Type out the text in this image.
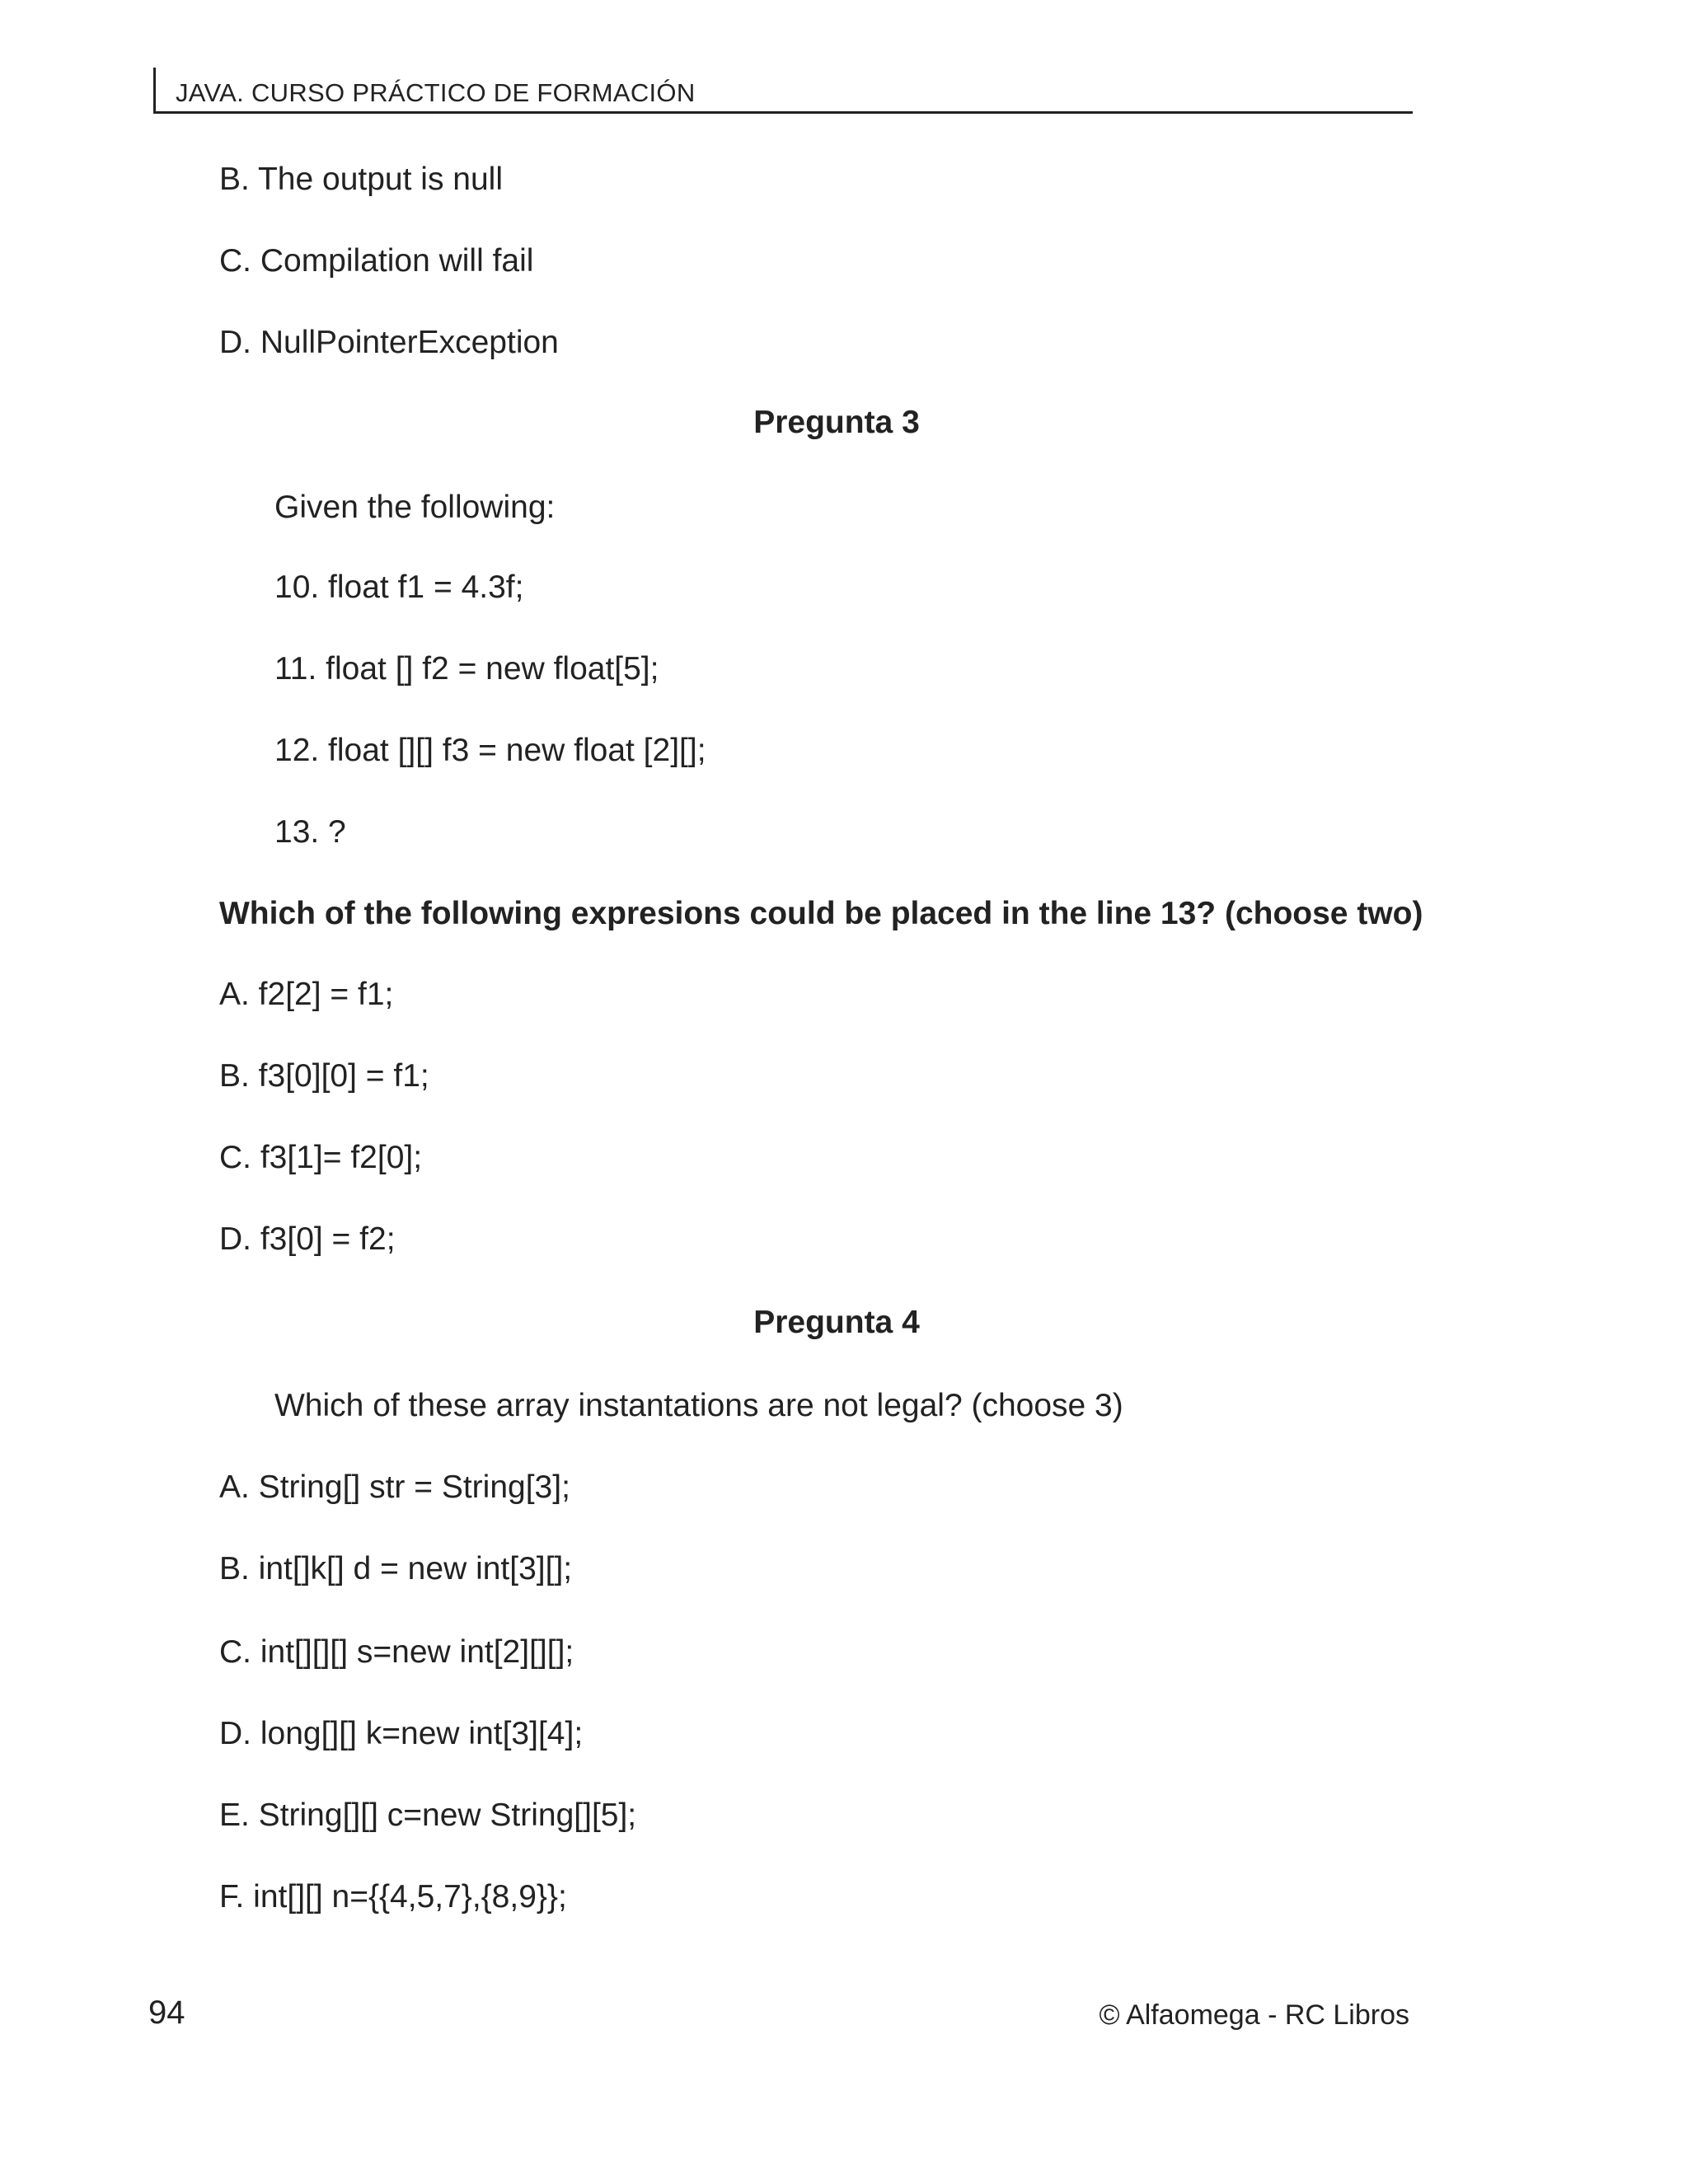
JAVA. CURSO PRÁCTICO DE FORMACIÓN
B. The output is null
C. Compilation will fail
D. NullPointerException
Pregunta 3
Given the following:
10. float f1 = 4.3f;
11. float [] f2 = new float[5];
12. float [][] f3 = new float [2][];
13. ?
Which of the following expresions could be placed in the line 13? (choose two)
A. f2[2] = f1;
B. f3[0][0] = f1;
C. f3[1]= f2[0];
D. f3[0] = f2;
Pregunta 4
Which of these array instantations are not legal? (choose 3)
A. String[] str = String[3];
B. int[]k[] d = new int[3][];
C. int[][][] s=new int[2][][];
D. long[][] k=new int[3][4];
E. String[][] c=new String[][5];
F. int[][] n={{4,5,7},{8,9}};
94	© Alfaomega - RC Libros
